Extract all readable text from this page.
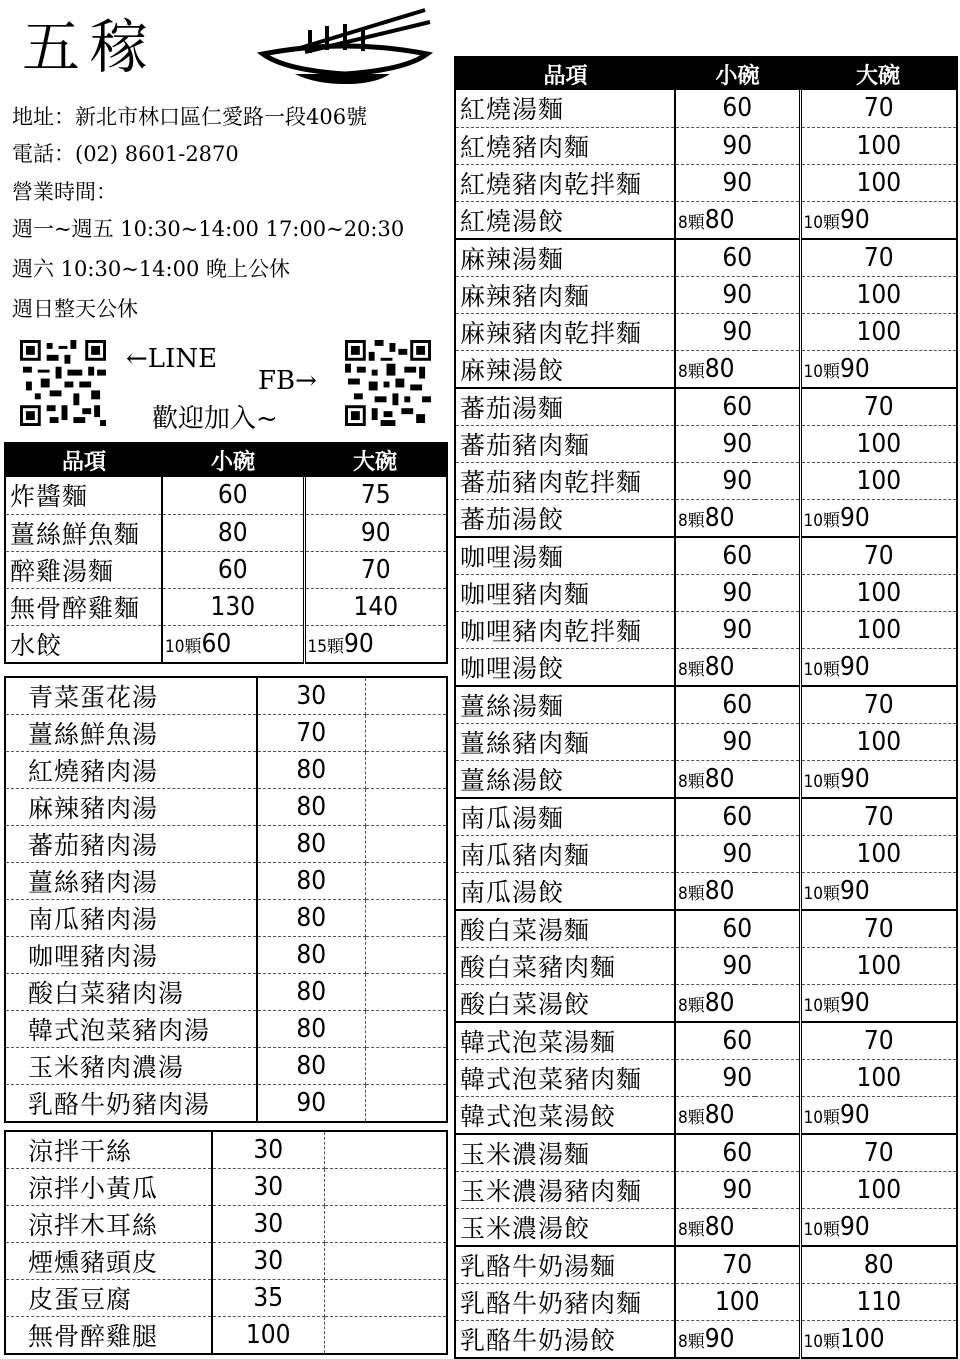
五稼
地址：新北市林口區仁愛路一段406號
電話：(02) 8601-2870
營業時間：
週一~週五 10:30~14:00 17:00~20:30
週六 10:30~14:00 晚上公休
週日整天公休
←LINE
FB→
歡迎加入~
品項	小碗	大碗
炸醬麵	60	75
薑絲鮮魚麵	80	90
醉雞湯麵	60	70
無骨醉雞麵	130	140
水餃	10顆60	15顆90
青菜蛋花湯	30	
薑絲鮮魚湯	70	
紅燒豬肉湯	80	
麻辣豬肉湯	80	
蕃茄豬肉湯	80	
薑絲豬肉湯	80	
南瓜豬肉湯	80	
咖哩豬肉湯	80	
酸白菜豬肉湯	80	
韓式泡菜豬肉湯	80	
玉米豬肉濃湯	80	
乳酪牛奶豬肉湯	90	
涼拌干絲	30	
涼拌小黃瓜	30	
涼拌木耳絲	30	
煙燻豬頭皮	30	
皮蛋豆腐	35	
無骨醉雞腿	100	
品項	小碗	大碗
紅燒湯麵	60	70
紅燒豬肉麵	90	100
紅燒豬肉乾拌麵	90	100
紅燒湯餃	8顆80	10顆90
麻辣湯麵	60	70
麻辣豬肉麵	90	100
麻辣豬肉乾拌麵	90	100
麻辣湯餃	8顆80	10顆90
蕃茄湯麵	60	70
蕃茄豬肉麵	90	100
蕃茄豬肉乾拌麵	90	100
蕃茄湯餃	8顆80	10顆90
咖哩湯麵	60	70
咖哩豬肉麵	90	100
咖哩豬肉乾拌麵	90	100
咖哩湯餃	8顆80	10顆90
薑絲湯麵	60	70
薑絲豬肉麵	90	100
薑絲湯餃	8顆80	10顆90
南瓜湯麵	60	70
南瓜豬肉麵	90	100
南瓜湯餃	8顆80	10顆90
酸白菜湯麵	60	70
酸白菜豬肉麵	90	100
酸白菜湯餃	8顆80	10顆90
韓式泡菜湯麵	60	70
韓式泡菜豬肉麵	90	100
韓式泡菜湯餃	8顆80	10顆90
玉米濃湯麵	60	70
玉米濃湯豬肉麵	90	100
玉米濃湯餃	8顆80	10顆90
乳酪牛奶湯麵	70	80
乳酪牛奶豬肉麵	100	110
乳酪牛奶湯餃	8顆90	10顆100
